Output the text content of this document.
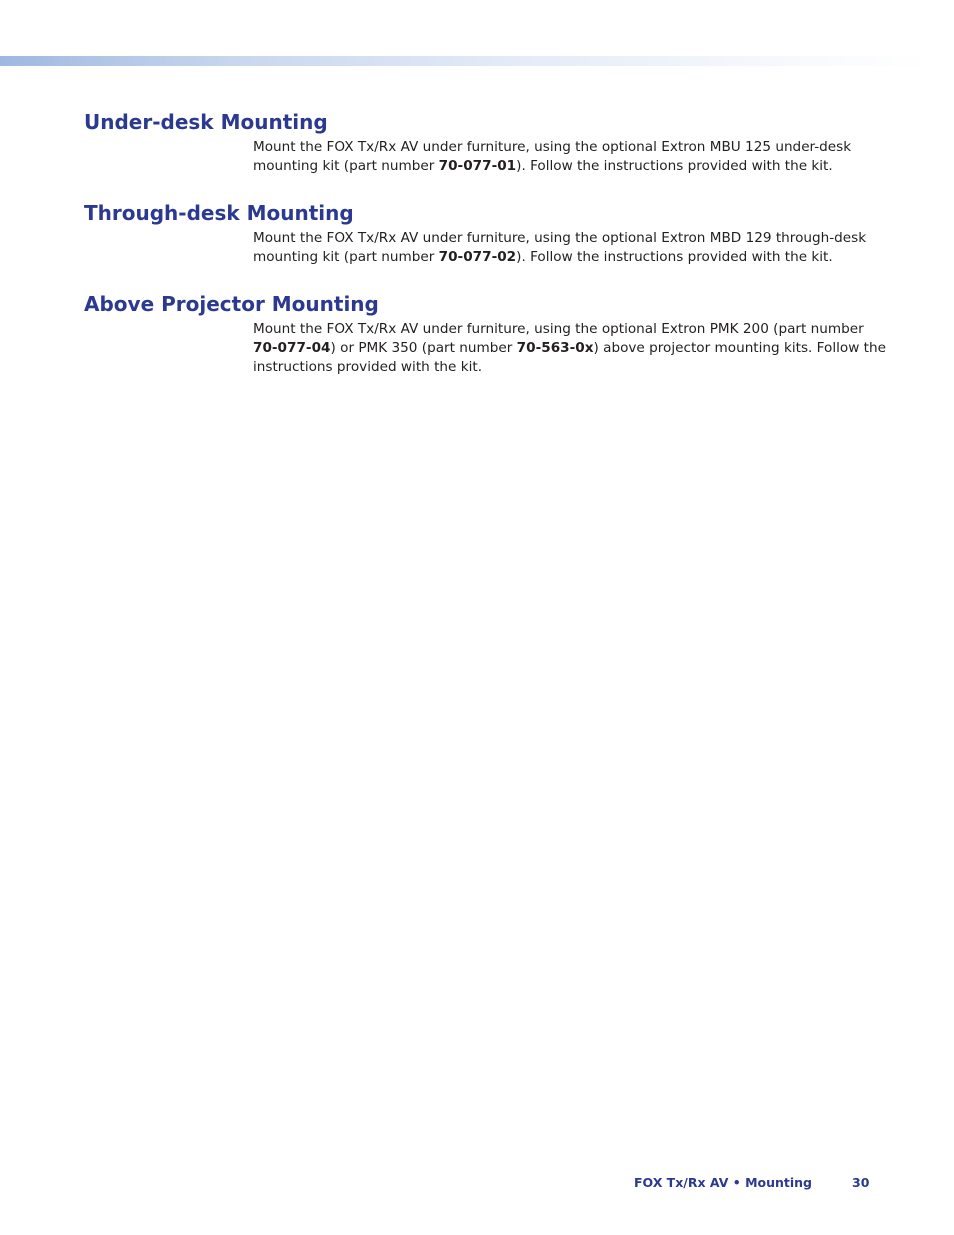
Under-desk Mounting

Mount the FOX Tx/Rx AV under furniture, using the optional Extron MBU 125 under-desk
mounting kit (part number 70-077-01). Follow the instructions provided with the kit.

Through-desk Mounting

Mount the FOX Tx/Rx AV under furniture, using the optional Extron MBD 129 through-desk
mounting kit (part number 70-077-02). Follow the instructions provided with the kit.

Above Projector Mounting

Mount the FOX Tx/Rx AV under furniture, using the optional Extron PMK 200 (part number
70-077-04) or PMK 350 (part number 70-563-0x) above projector mounting kits. Follow the
instructions provided with the kit.

FOX Tx/Rx AV • Mounting	30
